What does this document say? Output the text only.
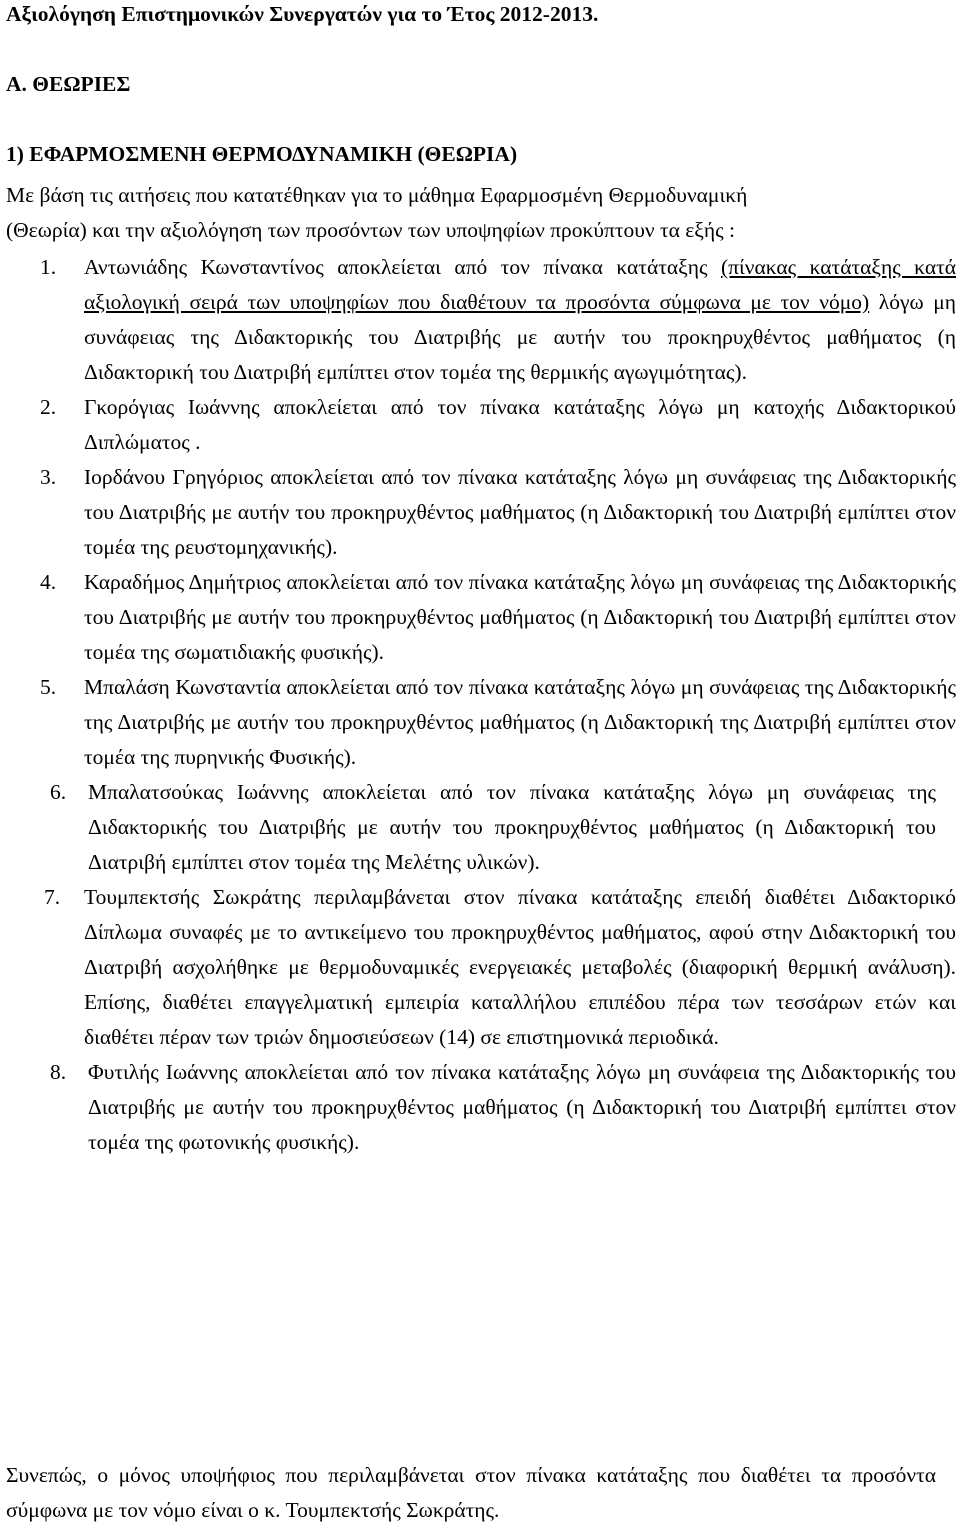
Αξιολόγηση Επιστημονικών Συνεργατών για το Έτος 2012-2013.
Α. ΘΕΩΡΙΕΣ
1) ΕΦΑΡΜΟΣΜΕΝΗ ΘΕΡΜΟΔΥΝΑΜΙΚΗ (ΘΕΩΡΙΑ)
Με βάση τις αιτήσεις που κατατέθηκαν για το μάθημα Εφαρμοσμένη Θερμοδυναμική
(Θεωρία) και την αξιολόγηση των προσόντων των υποψηφίων προκύπτουν τα εξής :
1. Αντωνιάδης Κωνσταντίνος αποκλείεται από τον πίνακα κατάταξης (πίνακας κατάταξης κατά αξιολογική σειρά των υποψηφίων που διαθέτουν τα προσόντα σύμφωνα με τον νόμο) λόγω μη συνάφειας της Διδακτορικής του Διατριβής με αυτήν του προκηρυχθέντος μαθήματος (η Διδακτορική του Διατριβή εμπίπτει στον τομέα της θερμικής αγωγιμότητας).
2. Γκορόγιας Ιωάννης αποκλείεται από τον πίνακα κατάταξης λόγω μη κατοχής Διδακτορικού Διπλώματος .
3. Ιορδάνου Γρηγόριος αποκλείεται από τον πίνακα κατάταξης λόγω μη συνάφειας της Διδακτορικής του Διατριβής με αυτήν του προκηρυχθέντος μαθήματος (η Διδακτορική του Διατριβή εμπίπτει στον τομέα της ρευστομηχανικής).
4. Καραδήμος Δημήτριος αποκλείεται από τον πίνακα κατάταξης λόγω μη συνάφειας της Διδακτορικής του Διατριβής με αυτήν του προκηρυχθέντος μαθήματος (η Διδακτορική του Διατριβή εμπίπτει στον τομέα της σωματιδιακής φυσικής).
5. Μπαλάση Κωνσταντία αποκλείεται από τον πίνακα κατάταξης λόγω μη συνάφειας της Διδακτορικής της Διατριβής με αυτήν του προκηρυχθέντος μαθήματος (η Διδακτορική της Διατριβή εμπίπτει στον τομέα της πυρηνικής Φυσικής).
6. Μπαλατσούκας Ιωάννης αποκλείεται από τον πίνακα κατάταξης λόγω μη συνάφειας της Διδακτορικής του Διατριβής με αυτήν του προκηρυχθέντος μαθήματος (η Διδακτορική του Διατριβή εμπίπτει στον τομέα της Μελέτης υλικών).
7. Τουμπεκτσής Σωκράτης περιλαμβάνεται στον πίνακα κατάταξης επειδή διαθέτει Διδακτορικό Δίπλωμα συναφές με το αντικείμενο του προκηρυχθέντος μαθήματος, αφού στην Διδακτορική του Διατριβή ασχολήθηκε με θερμοδυναμικές ενεργειακές μεταβολές (διαφορική θερμική ανάλυση). Επίσης, διαθέτει επαγγελματική εμπειρία καταλλήλου επιπέδου πέρα των τεσσάρων ετών και διαθέτει πέραν των τριών δημοσιεύσεων (14) σε επιστημονικά περιοδικά.
8. Φυτιλής Ιωάννης αποκλείεται από τον πίνακα κατάταξης λόγω μη συνάφεια της Διδακτορικής του Διατριβής με αυτήν του προκηρυχθέντος μαθήματος (η Διδακτορική του Διατριβή εμπίπτει στον τομέα της φωτονικής φυσικής).
Συνεπώς, ο μόνος υποψήφιος που περιλαμβάνεται στον πίνακα κατάταξης που διαθέτει τα προσόντα σύμφωνα με τον νόμο είναι ο κ. Τουμπεκτσής Σωκράτης.
